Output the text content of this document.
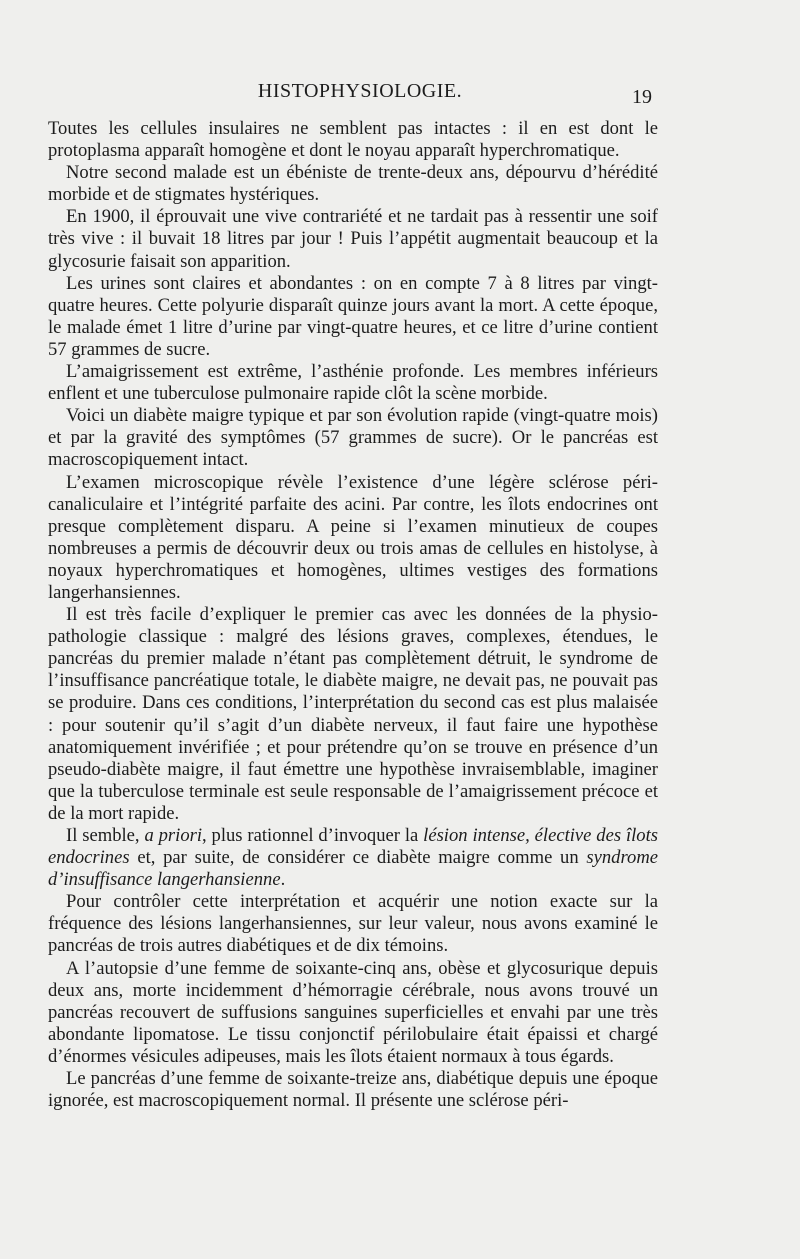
HISTOPHYSIOLOGIE.	19

Toutes les cellules insulaires ne semblent pas intactes : il en est dont le protoplasma apparaît homogène et dont le noyau apparaît hyperchromatique.

Notre second malade est un ébéniste de trente-deux ans, dépourvu d’hérédité morbide et de stigmates hystériques.

En 1900, il éprouvait une vive contrariété et ne tardait pas à ressentir une soif très vive : il buvait 18 litres par jour ! Puis l’appétit augmentait beaucoup et la glycosurie faisait son apparition.

Les urines sont claires et abondantes : on en compte 7 à 8 litres par vingt-quatre heures. Cette polyurie disparaît quinze jours avant la mort. A cette époque, le malade émet 1 litre d’urine par vingt-quatre heures, et ce litre d’urine contient 57 grammes de sucre.

L’amaigrissement est extrême, l’asthénie profonde. Les membres inférieurs enflent et une tuberculose pulmonaire rapide clôt la scène morbide.

Voici un diabète maigre typique et par son évolution rapide (vingt-quatre mois) et par la gravité des symptômes (57 grammes de sucre). Or le pancréas est macroscopiquement intact.

L’examen microscopique révèle l’existence d’une légère sclérose péri-canaliculaire et l’intégrité parfaite des acini. Par contre, les îlots endocrines ont presque complètement disparu. A peine si l’examen minutieux de coupes nombreuses a permis de découvrir deux ou trois amas de cellules en histolyse, à noyaux hyperchromatiques et homogènes, ultimes vestiges des formations langerhansiennes.

Il est très facile d’expliquer le premier cas avec les données de la physio-pathologie classique : malgré des lésions graves, complexes, étendues, le pancréas du premier malade n’étant pas complètement détruit, le syndrome de l’insuffisance pancréatique totale, le diabète maigre, ne devait pas, ne pouvait pas se produire. Dans ces conditions, l’interprétation du second cas est plus malaisée : pour soutenir qu’il s’agit d’un diabète nerveux, il faut faire une hypothèse anatomiquement invérifiée ; et pour prétendre qu’on se trouve en présence d’un pseudo-diabète maigre, il faut émettre une hypothèse invraisemblable, imaginer que la tuberculose terminale est seule responsable de l’amaigrissement précoce et de la mort rapide.

Il semble, a priori, plus rationnel d’invoquer la lésion intense, élective des îlots endocrines et, par suite, de considérer ce diabète maigre comme un syndrome d’insuffisance langerhansienne.

Pour contrôler cette interprétation et acquérir une notion exacte sur la fréquence des lésions langerhansiennes, sur leur valeur, nous avons examiné le pancréas de trois autres diabétiques et de dix témoins.

A l’autopsie d’une femme de soixante-cinq ans, obèse et glycosurique depuis deux ans, morte incidemment d’hémorragie cérébrale, nous avons trouvé un pancréas recouvert de suffusions sanguines superficielles et envahi par une très abondante lipomatose. Le tissu conjonctif périlobulaire était épaissi et chargé d’énormes vésicules adipeuses, mais les îlots étaient normaux à tous égards.

Le pancréas d’une femme de soixante-treize ans, diabétique depuis une époque ignorée, est macroscopiquement normal. Il présente une sclérose péri-
